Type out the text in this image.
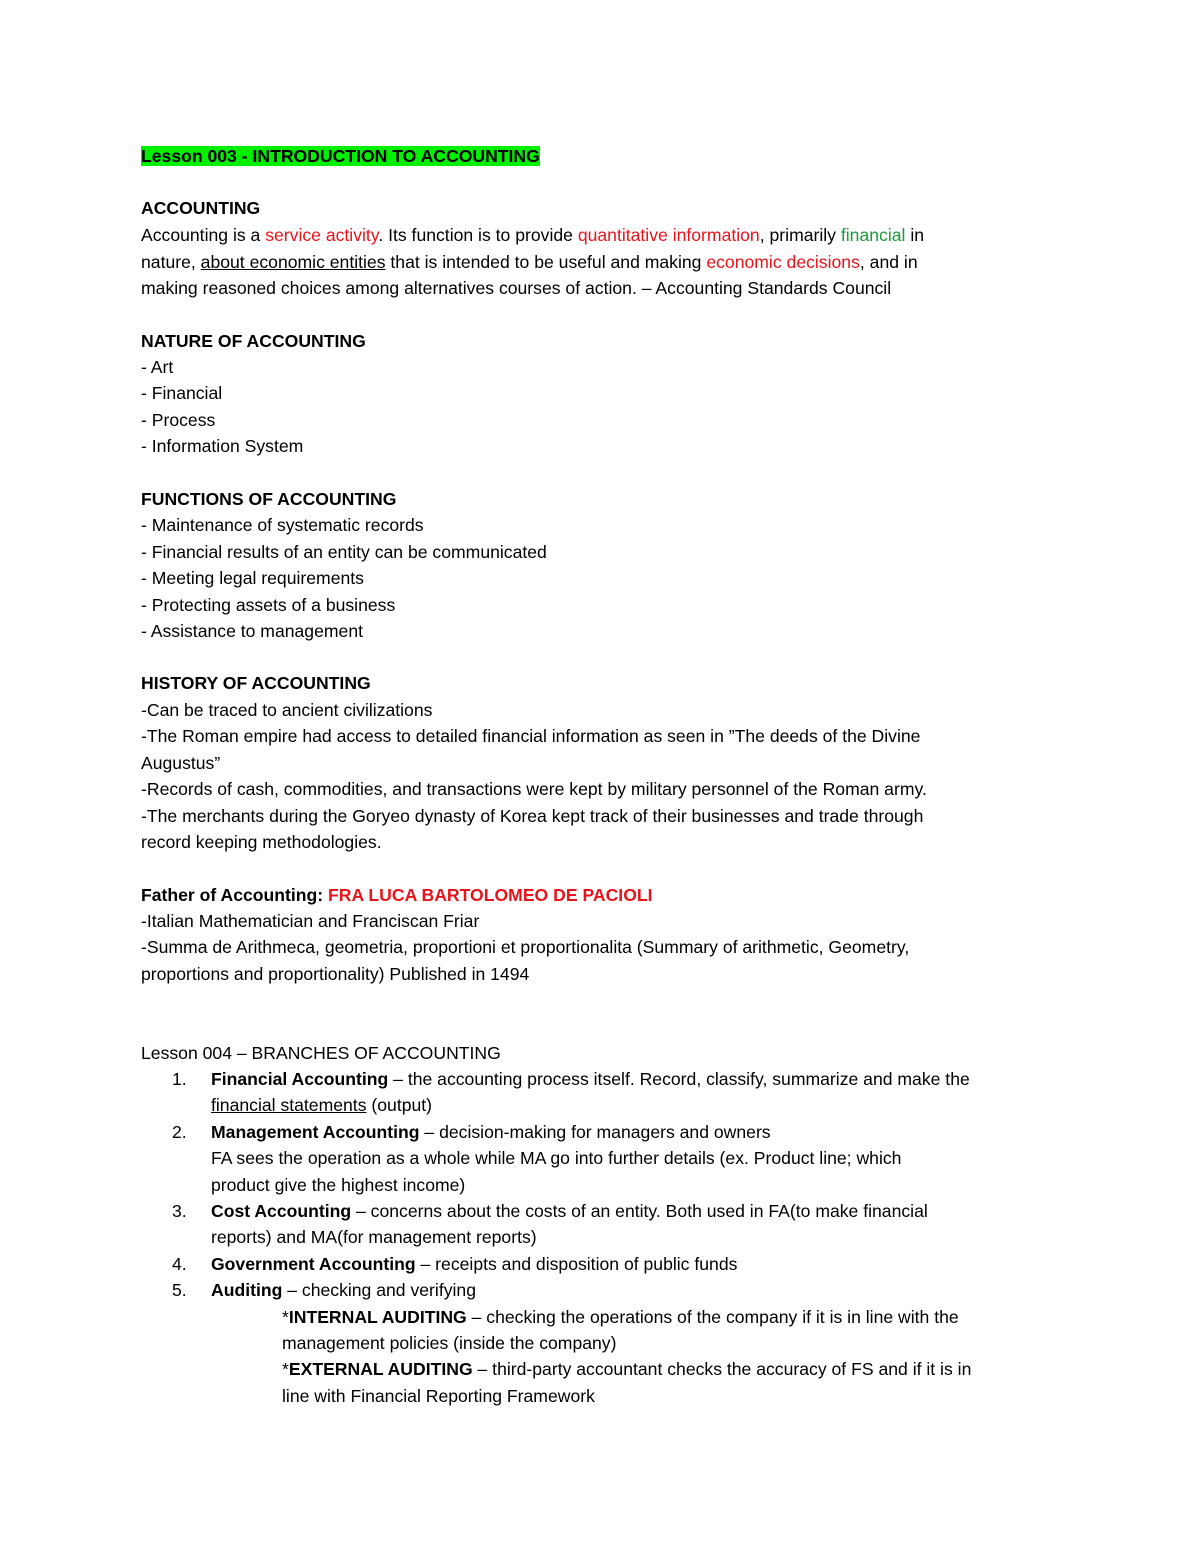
Lesson 003 - INTRODUCTION TO ACCOUNTING
ACCOUNTING
Accounting is a service activity. Its function is to provide quantitative information, primarily financial in
nature, about economic entities that is intended to be useful and making economic decisions, and in
making reasoned choices among alternatives courses of action. – Accounting Standards Council
NATURE OF ACCOUNTING
- Art
- Financial
- Process
- Information System
FUNCTIONS OF ACCOUNTING
- Maintenance of systematic records
- Financial results of an entity can be communicated
- Meeting legal requirements
- Protecting assets of a business
- Assistance to management
HISTORY OF ACCOUNTING
-Can be traced to ancient civilizations
-The Roman empire had access to detailed financial information as seen in ”The deeds of the Divine
Augustus”
-Records of cash, commodities, and transactions were kept by military personnel of the Roman army.
-The merchants during the Goryeo dynasty of Korea kept track of their businesses and trade through
record keeping methodologies.
Father of Accounting: FRA LUCA BARTOLOMEO DE PACIOLI
-Italian Mathematician and Franciscan Friar
-Summa de Arithmeca, geometria, proportioni et proportionalita (Summary of arithmetic, Geometry,
proportions and proportionality) Published in 1494
Lesson 004 – BRANCHES OF ACCOUNTING
1. Financial Accounting – the accounting process itself. Record, classify, summarize and make the
financial statements (output)
2. Management Accounting – decision-making for managers and owners
FA sees the operation as a whole while MA go into further details (ex. Product line; which
product give the highest income)
3. Cost Accounting – concerns about the costs of an entity. Both used in FA(to make financial
reports) and MA(for management reports)
4. Government Accounting – receipts and disposition of public funds
5. Auditing – checking and verifying
*INTERNAL AUDITING – checking the operations of the company if it is in line with the
management policies (inside the company)
*EXTERNAL AUDITING – third-party accountant checks the accuracy of FS and if it is in
line with Financial Reporting Framework
